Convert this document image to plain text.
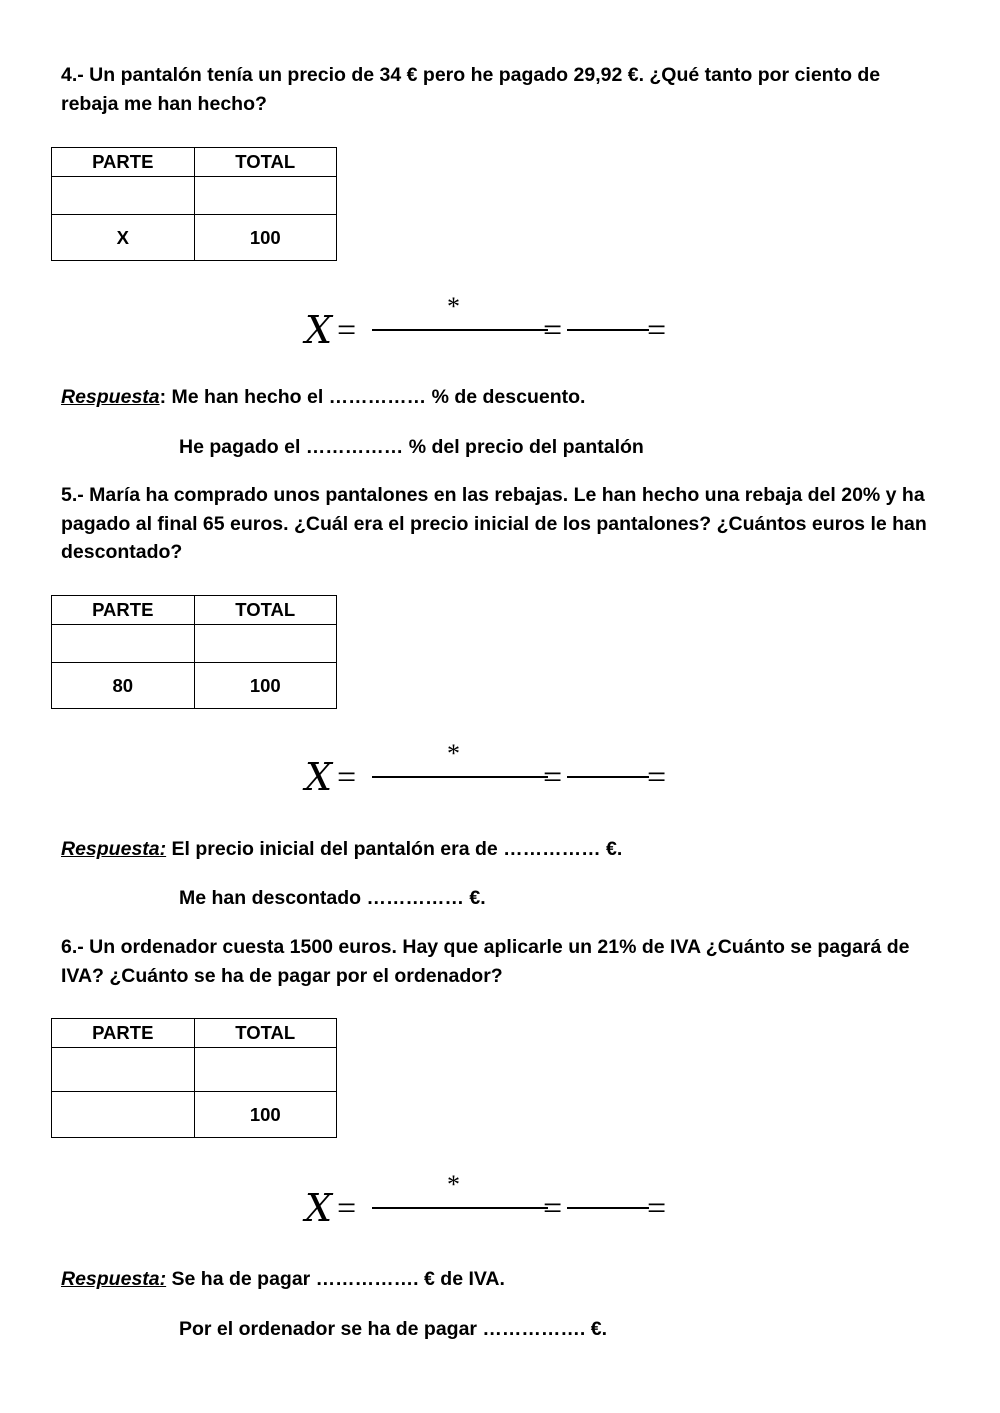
4.- Un pantalón tenía un precio de 34 € pero he pagado 29,92 €. ¿Qué tanto por ciento de rebaja me han hecho?

PARTE	TOTAL

X	100
X =
*
= =
Respuesta: Me han hecho el …………… % de descuento.
He pagado el …………… % del precio del pantalón

5.- María ha comprado unos pantalones en las rebajas. Le han hecho una rebaja del 20% y ha pagado al final 65 euros. ¿Cuál era el precio inicial de los pantalones? ¿Cuántos euros le han descontado?

PARTE	TOTAL

80	100
X =
*
= =
Respuesta: El precio inicial del pantalón era de …………… €.
Me han descontado …………… €.

6.- Un ordenador cuesta 1500 euros. Hay que aplicarle un 21% de IVA ¿Cuánto se pagará de IVA? ¿Cuánto se ha de pagar por el ordenador?

PARTE	TOTAL

	100
X =
*
= =
Respuesta: Se ha de pagar ……………. € de IVA.
Por el ordenador se ha de pagar ……………. €.
